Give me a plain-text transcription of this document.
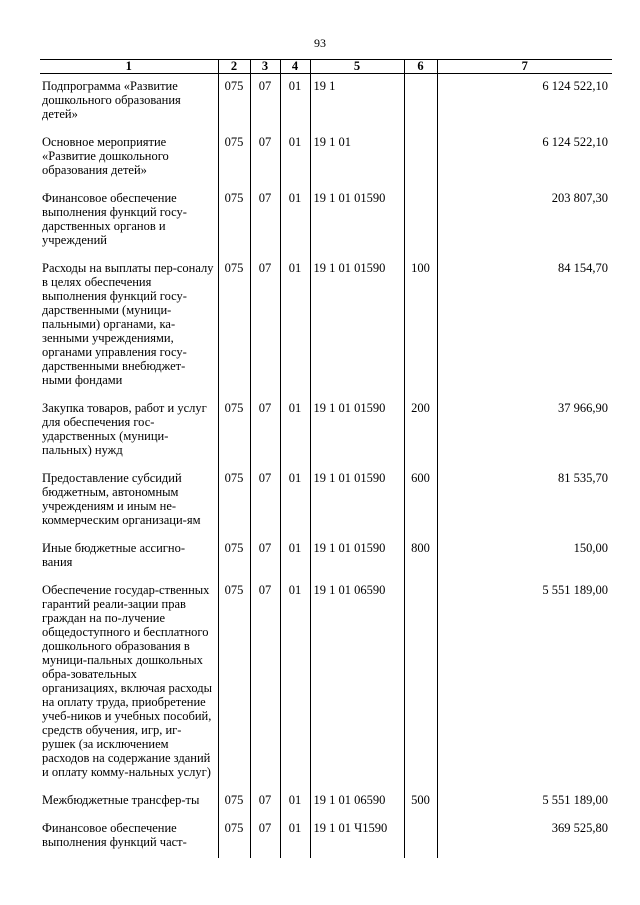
93
1	2	3	4	5	6	7
Подпрограмма «Развитие дошкольного образования детей»	075	07	01	19 1		6 124 522,10
Основное мероприятие «Развитие дошкольного образования детей»	075	07	01	19 1 01		6 124 522,10
Финансовое обеспечение выполнения функций госу-дарственных органов и учреждений	075	07	01	19 1 01 01590		203 807,30
Расходы на выплаты пер-соналу в целях обеспечения выполнения функций госу-дарственными (муници-пальными) органами, ка-зенными учреждениями, органами управления госу-дарственными внебюджет-ными фондами	075	07	01	19 1 01 01590	100	84 154,70
Закупка товаров, работ и услуг для обеспечения гос-ударственных (муници-пальных) нужд	075	07	01	19 1 01 01590	200	37 966,90
Предоставление субсидий бюджетным, автономным учреждениям и иным не-коммерческим организаци-ям	075	07	01	19 1 01 01590	600	81 535,70
Иные бюджетные ассигно-вания	075	07	01	19 1 01 01590	800	150,00
Обеспечение государ-ственных гарантий реали-зации прав граждан на по-лучение общедоступного и бесплатного дошкольного образования в муници-пальных дошкольных обра-зовательных организациях, включая расходы на оплату труда, приобретение учеб-ников и учебных пособий, средств обучения, игр, иг-рушек (за исключением расходов на содержание зданий и оплату комму-нальных услуг)	075	07	01	19 1 01 06590		5 551 189,00
Межбюджетные трансфер-ты	075	07	01	19 1 01 06590	500	5 551 189,00
Финансовое обеспечение выполнения функций част-	075	07	01	19 1 01 Ч1590		369 525,80
